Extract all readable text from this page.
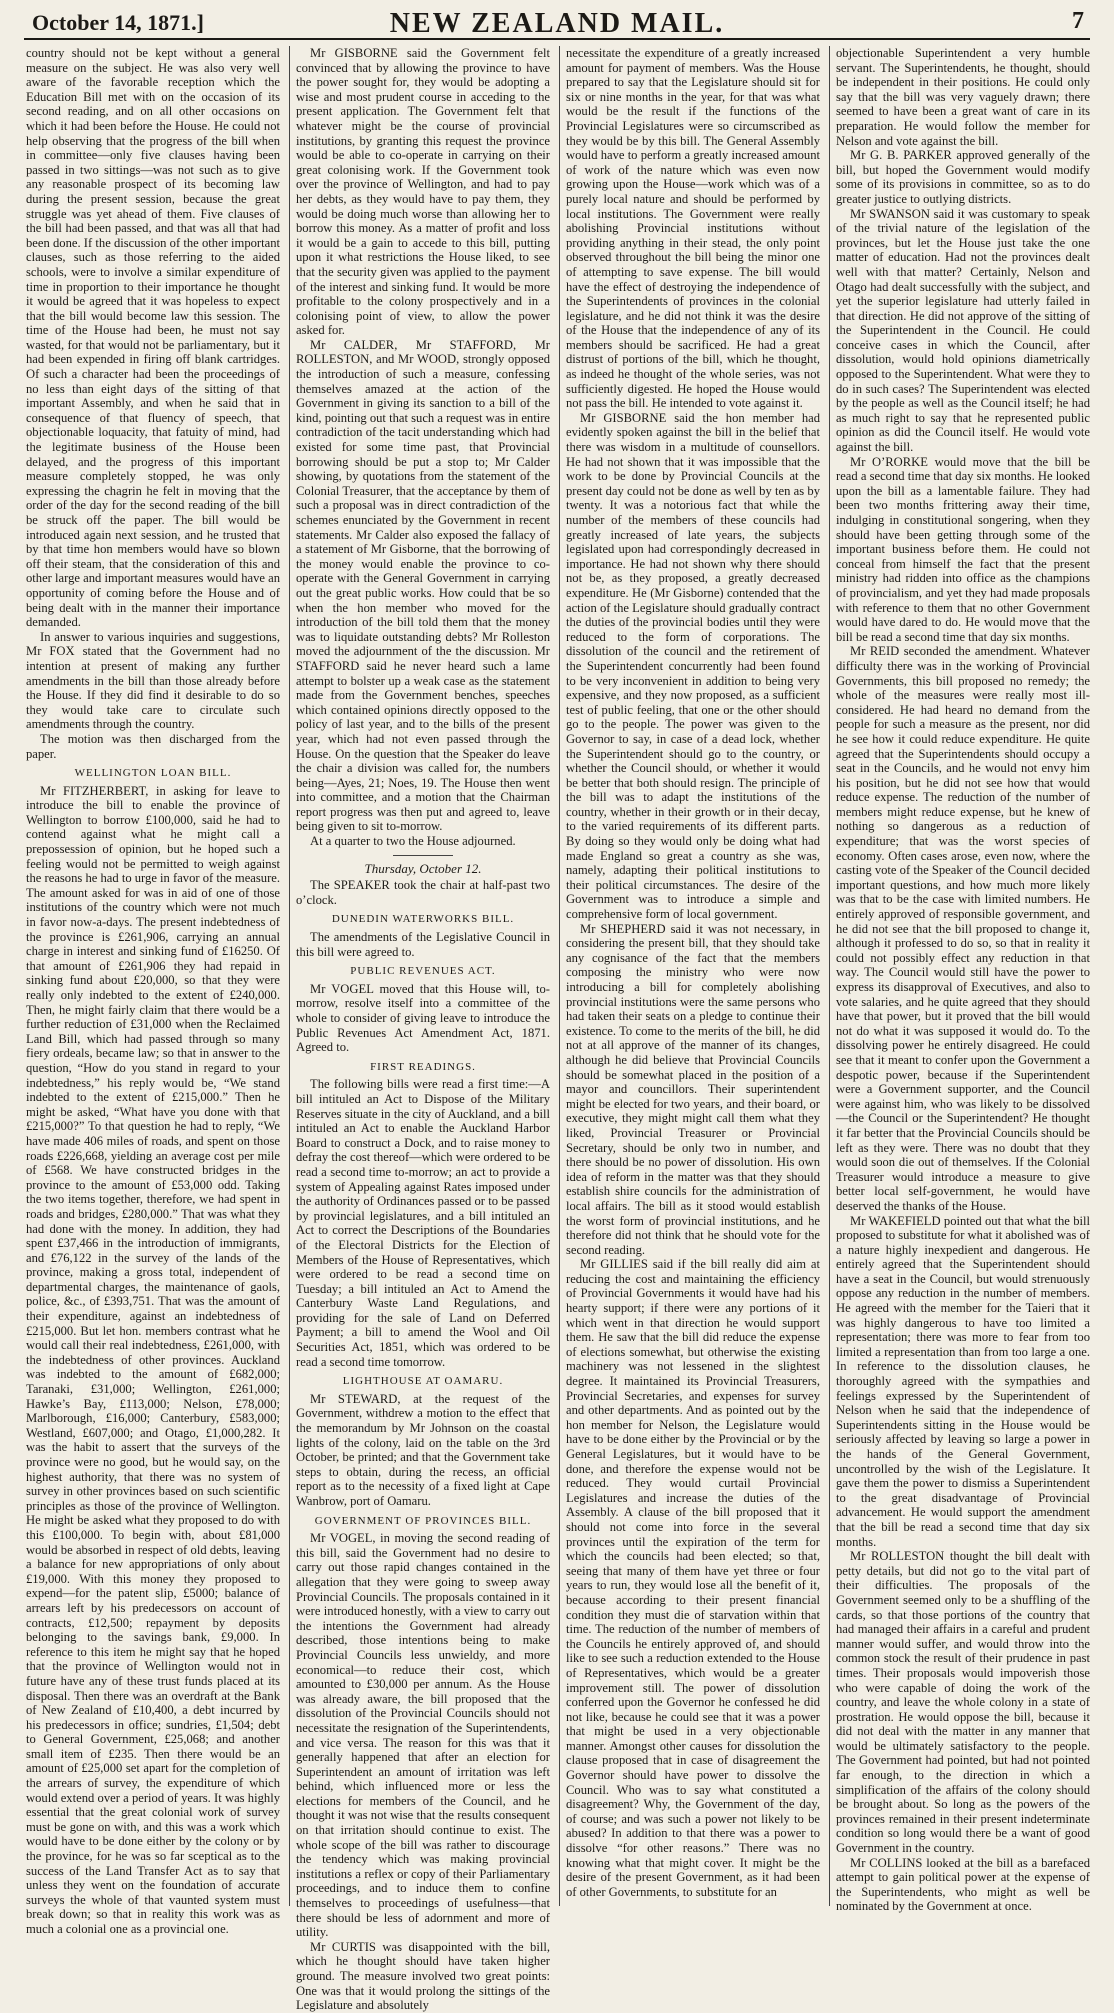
October 14, 1871.]	NEW ZEALAND MAIL.	7

country should not be kept without a general measure on the subject. He was also very well aware of the favorable reception which the Education Bill met with on the occasion of its second reading, and on all other occasions on which it had been before the House. He could not help observing that the progress of the bill when in committee—only five clauses having been passed in two sittings—was not such as to give any reasonable prospect of its becoming law during the present session, because the great struggle was yet ahead of them. Five clauses of the bill had been passed, and that was all that had been done. If the discussion of the other important clauses, such as those referring to the aided schools, were to involve a similar expenditure of time in proportion to their importance he thought it would be agreed that it was hopeless to expect that the bill would become law this session. The time of the House had been, he must not say wasted, for that would not be parliamentary, but it had been expended in firing off blank cartridges. Of such a character had been the proceedings of no less than eight days of the sitting of that important Assembly, and when he said that in consequence of that fluency of speech, that objectionable loquacity, that fatuity of mind, had the legitimate business of the House been delayed, and the progress of this important measure completely stopped, he was only expressing the chagrin he felt in moving that the order of the day for the second reading of the bill be struck off the paper. The bill would be introduced again next session, and he trusted that by that time hon members would have so blown off their steam, that the consideration of this and other large and important measures would have an opportunity of coming before the House and of being dealt with in the manner their importance demanded.

In answer to various inquiries and suggestions, Mr FOX stated that the Government had no intention at present of making any further amendments in the bill than those already before the House. If they did find it desirable to do so they would take care to circulate such amendments through the country.

The motion was then discharged from the paper.

WELLINGTON LOAN BILL.

Mr FITZHERBERT, in asking for leave to introduce the bill to enable the province of Wellington to borrow £100,000, said he had to contend against what he might call a prepossession of opinion, but he hoped such a feeling would not be permitted to weigh against the reasons he had to urge in favor of the measure. The amount asked for was in aid of one of those institutions of the country which were not much in favor now-a-days. The present indebtedness of the province is £261,906, carrying an annual charge in interest and sinking fund of £16250. Of that amount of £261,906 they had repaid in sinking fund about £20,000, so that they were really only indebted to the extent of £240,000. Then, he might fairly claim that there would be a further reduction of £31,000 when the Reclaimed Land Bill, which had passed through so many fiery ordeals, became law; so that in answer to the question, “How do you stand in regard to your indebtedness,” his reply would be, “We stand indebted to the extent of £215,000.” Then he might be asked, “What have you done with that £215,000?” To that question he had to reply, “We have made 406 miles of roads, and spent on those roads £226,668, yielding an average cost per mile of £568. We have constructed bridges in the province to the amount of £53,000 odd. Taking the two items together, therefore, we had spent in roads and bridges, £280,000.” That was what they had done with the money. In addition, they had spent £37,466 in the introduction of immigrants, and £76,122 in the survey of the lands of the province, making a gross total, independent of departmental charges, the maintenance of gaols, police, &c., of £393,751. That was the amount of their expenditure, against an indebtedness of £215,000. But let hon. members contrast what he would call their real indebtedness, £261,000, with the indebtedness of other provinces. Auckland was indebted to the amount of £682,000; Taranaki, £31,000; Wellington, £261,000; Hawke’s Bay, £113,000; Nelson, £78,000; Marlborough, £16,000; Canterbury, £583,000; Westland, £607,000; and Otago, £1,000,282. It was the habit to assert that the surveys of the province were no good, but he would say, on the highest authority, that there was no system of survey in other provinces based on such scientific principles as those of the province of Wellington. He might be asked what they proposed to do with this £100,000. To begin with, about £81,000 would be absorbed in respect of old debts, leaving a balance for new appropriations of only about £19,000. With this money they proposed to expend—for the patent slip, £5000; balance of arrears left by his predecessors on account of contracts, £12,500; repayment by deposits belonging to the savings bank, £9,000. In reference to this item he might say that he hoped that the province of Wellington would not in future have any of these trust funds placed at its disposal. Then there was an overdraft at the Bank of New Zealand of £10,400, a debt incurred by his predecessors in office; sundries, £1,504; debt to General Government, £25,068; and another small item of £235. Then there would be an amount of £25,000 set apart for the completion of the arrears of survey, the expenditure of which would extend over a period of years. It was highly essential that the great colonial work of survey must be gone on with, and this was a work which would have to be done either by the colony or by the province, for he was so far sceptical as to the success of the Land Transfer Act as to say that unless they went on the foundation of accurate surveys the whole of that vaunted system must break down; so that in reality this work was as much a colonial one as a provincial one.

Mr GISBORNE said the Government felt convinced that by allowing the province to have the power sought for, they would be adopting a wise and most prudent course in acceding to the present application. The Government felt that whatever might be the course of provincial institutions, by granting this request the province would be able to co-operate in carrying on their great colonising work. If the Government took over the province of Wellington, and had to pay her debts, as they would have to pay them, they would be doing much worse than allowing her to borrow this money. As a matter of profit and loss it would be a gain to accede to this bill, putting upon it what restrictions the House liked, to see that the security given was applied to the payment of the interest and sinking fund. It would be more profitable to the colony prospectively and in a colonising point of view, to allow the power asked for.

Mr CALDER, Mr STAFFORD, Mr ROLLESTON, and Mr WOOD, strongly opposed the introduction of such a measure, confessing themselves amazed at the action of the Government in giving its sanction to a bill of the kind, pointing out that such a request was in entire contradiction of the tacit understanding which had existed for some time past, that Provincial borrowing should be put a stop to; Mr Calder showing, by quotations from the statement of the Colonial Treasurer, that the acceptance by them of such a proposal was in direct contradiction of the schemes enunciated by the Government in recent statements. Mr Calder also exposed the fallacy of a statement of Mr Gisborne, that the borrowing of the money would enable the province to co-operate with the General Government in carrying out the great public works. How could that be so when the hon member who moved for the introduction of the bill told them that the money was to liquidate outstanding debts? Mr Rolleston moved the adjournment of the the discussion. Mr STAFFORD said he never heard such a lame attempt to bolster up a weak case as the statement made from the Government benches, speeches which contained opinions directly opposed to the policy of last year, and to the bills of the present year, which had not even passed through the House. On the question that the Speaker do leave the chair a division was called for, the numbers being—Ayes, 21; Noes, 19. The House then went into committee, and a motion that the Chairman report progress was then put and agreed to, leave being given to sit to-morrow.

At a quarter to two the House adjourned.

Thursday, October 12.

The SPEAKER took the chair at half-past two o’clock.

DUNEDIN WATERWORKS BILL.

The amendments of the Legislative Council in this bill were agreed to.

PUBLIC REVENUES ACT.

Mr VOGEL moved that this House will, to-morrow, resolve itself into a committee of the whole to consider of giving leave to introduce the Public Revenues Act Amendment Act, 1871. Agreed to.

FIRST READINGS.

The following bills were read a first time:—A bill intituled an Act to Dispose of the Military Reserves situate in the city of Auckland, and a bill intituled an Act to enable the Auckland Harbor Board to construct a Dock, and to raise money to defray the cost thereof—which were ordered to be read a second time to-morrow; an act to provide a system of Appealing against Rates imposed under the authority of Ordinances passed or to be passed by provincial legislatures, and a bill intituled an Act to correct the Descriptions of the Boundaries of the Electoral Districts for the Election of Members of the House of Representatives, which were ordered to be read a second time on Tuesday; a bill intituled an Act to Amend the Canterbury Waste Land Regulations, and providing for the sale of Land on Deferred Payment; a bill to amend the Wool and Oil Securities Act, 1851, which was ordered to be read a second time tomorrow.

LIGHTHOUSE AT OAMARU.

Mr STEWARD, at the request of the Government, withdrew a motion to the effect that the memorandum by Mr Johnson on the coastal lights of the colony, laid on the table on the 3rd October, be printed; and that the Government take steps to obtain, during the recess, an official report as to the necessity of a fixed light at Cape Wanbrow, port of Oamaru.

GOVERNMENT OF PROVINCES BILL.

Mr VOGEL, in moving the second reading of this bill, said the Government had no desire to carry out those rapid changes contained in the allegation that they were going to sweep away Provincial Councils. The proposals contained in it were introduced honestly, with a view to carry out the intentions the Government had already described, those intentions being to make Provincial Councils less unwieldy, and more economical—to reduce their cost, which amounted to £30,000 per annum. As the House was already aware, the bill proposed that the dissolution of the Provincial Councils should not necessitate the resignation of the Superintendents, and vice versa. The reason for this was that it generally happened that after an election for Superintendent an amount of irritation was left behind, which influenced more or less the elections for members of the Council, and he thought it was not wise that the results consequent on that irritation should continue to exist. The whole scope of the bill was rather to discourage the tendency which was making provincial institutions a reflex or copy of their Parliamentary proceedings, and to induce them to confine themselves to proceedings of usefulness—that there should be less of adornment and more of utility.

Mr CURTIS was disappointed with the bill, which he thought should have taken higher ground. The measure involved two great points: One was that it would prolong the sittings of the Legislature and absolutely

necessitate the expenditure of a greatly increased amount for payment of members. Was the House prepared to say that the Legislature should sit for six or nine months in the year, for that was what would be the result if the functions of the Provincial Legislatures were so circumscribed as they would be by this bill. The General Assembly would have to perform a greatly increased amount of work of the nature which was even now growing upon the House—work which was of a purely local nature and should be performed by local institutions. The Government were really abolishing Provincial institutions without providing anything in their stead, the only point observed throughout the bill being the minor one of attempting to save expense. The bill would have the effect of destroying the independence of the Superintendents of provinces in the colonial legislature, and he did not think it was the desire of the House that the independence of any of its members should be sacrificed. He had a great distrust of portions of the bill, which he thought, as indeed he thought of the whole series, was not sufficiently digested. He hoped the House would not pass the bill. He intended to vote against it.

Mr GISBORNE said the hon member had evidently spoken against the bill in the belief that there was wisdom in a multitude of counsellors. He had not shown that it was impossible that the work to be done by Provincial Councils at the present day could not be done as well by ten as by twenty. It was a notorious fact that while the number of the members of these councils had greatly increased of late years, the subjects legislated upon had correspondingly decreased in importance. He had not shown why there should not be, as they proposed, a greatly decreased expenditure. He (Mr Gisborne) contended that the action of the Legislature should gradually contract the duties of the provincial bodies until they were reduced to the form of corporations. The dissolution of the council and the retirement of the Superintendent concurrently had been found to be very inconvenient in addition to being very expensive, and they now proposed, as a sufficient test of public feeling, that one or the other should go to the people. The power was given to the Governor to say, in case of a dead lock, whether the Superintendent should go to the country, or whether the Council should, or whether it would be better that both should resign. The principle of the bill was to adapt the institutions of the country, whether in their growth or in their decay, to the varied requirements of its different parts. By doing so they would only be doing what had made England so great a country as she was, namely, adapting their political institutions to their political circumstances. The desire of the Government was to introduce a simple and comprehensive form of local government.

Mr SHEPHERD said it was not necessary, in considering the present bill, that they should take any cognisance of the fact that the members composing the ministry who were now introducing a bill for completely abolishing provincial institutions were the same persons who had taken their seats on a pledge to continue their existence. To come to the merits of the bill, he did not at all approve of the manner of its changes, although he did believe that Provincial Councils should be somewhat placed in the position of a mayor and councillors. Their superintendent might be elected for two years, and their board, or executive, they might might call them what they liked, Provincial Treasurer or Provincial Secretary, should be only two in number, and there should be no power of dissolution. His own idea of reform in the matter was that they should establish shire councils for the administration of local affairs. The bill as it stood would establish the worst form of provincial institutions, and he therefore did not think that he should vote for the second reading.

Mr GILLIES said if the bill really did aim at reducing the cost and maintaining the efficiency of Provincial Governments it would have had his hearty support; if there were any portions of it which went in that direction he would support them. He saw that the bill did reduce the expense of elections somewhat, but otherwise the existing machinery was not lessened in the slightest degree. It maintained its Provincial Treasurers, Provincial Secretaries, and expenses for survey and other departments. And as pointed out by the hon member for Nelson, the Legislature would have to be done either by the Provincial or by the General Legislatures, but it would have to be done, and therefore the expense would not be reduced. They would curtail Provincial Legislatures and increase the duties of the Assembly. A clause of the bill proposed that it should not come into force in the several provinces until the expiration of the term for which the councils had been elected; so that, seeing that many of them have yet three or four years to run, they would lose all the benefit of it, because according to their present financial condition they must die of starvation within that time. The reduction of the number of members of the Councils he entirely approved of, and should like to see such a reduction extended to the House of Representatives, which would be a greater improvement still. The power of dissolution conferred upon the Governor he confessed he did not like, because he could see that it was a power that might be used in a very objectionable manner. Amongst other causes for dissolution the clause proposed that in case of disagreement the Governor should have power to dissolve the Council. Who was to say what constituted a disagreement? Why, the Government of the day, of course; and was such a power not likely to be abused? In addition to that there was a power to dissolve “for other reasons.” There was no knowing what that might cover. It might be the desire of the present Government, as it had been of other Governments, to substitute for an

objectionable Superintendent a very humble servant. The Superintendents, he thought, should be independent in their positions. He could only say that the bill was very vaguely drawn; there seemed to have been a great want of care in its preparation. He would follow the member for Nelson and vote against the bill.

Mr G. B. PARKER approved generally of the bill, but hoped the Government would modify some of its provisions in committee, so as to do greater justice to outlying districts.

Mr SWANSON said it was customary to speak of the trivial nature of the legislation of the provinces, but let the House just take the one matter of education. Had not the provinces dealt well with that matter? Certainly, Nelson and Otago had dealt successfully with the subject, and yet the superior legislature had utterly failed in that direction. He did not approve of the sitting of the Superintendent in the Council. He could conceive cases in which the Council, after dissolution, would hold opinions diametrically opposed to the Superintendent. What were they to do in such cases? The Superintendent was elected by the people as well as the Council itself; he had as much right to say that he represented public opinion as did the Council itself. He would vote against the bill.

Mr O’RORKE would move that the bill be read a second time that day six months. He looked upon the bill as a lamentable failure. They had been two months frittering away their time, indulging in constitutional songering, when they should have been getting through some of the important business before them. He could not conceal from himself the fact that the present ministry had ridden into office as the champions of provincialism, and yet they had made proposals with reference to them that no other Government would have dared to do. He would move that the bill be read a second time that day six months.

Mr REID seconded the amendment. Whatever difficulty there was in the working of Provincial Governments, this bill proposed no remedy; the whole of the measures were really most ill-considered. He had heard no demand from the people for such a measure as the present, nor did he see how it could reduce expenditure. He quite agreed that the Superintendents should occupy a seat in the Councils, and he would not envy him his position, but he did not see how that would reduce expense. The reduction of the number of members might reduce expense, but he knew of nothing so dangerous as a reduction of expenditure; that was the worst species of economy. Often cases arose, even now, where the casting vote of the Speaker of the Council decided important questions, and how much more likely was that to be the case with limited numbers. He entirely approved of responsible government, and he did not see that the bill proposed to change it, although it professed to do so, so that in reality it could not possibly effect any reduction in that way. The Council would still have the power to express its disapproval of Executives, and also to vote salaries, and he quite agreed that they should have that power, but it proved that the bill would not do what it was supposed it would do. To the dissolving power he entirely disagreed. He could see that it meant to confer upon the Government a despotic power, because if the Superintendent were a Government supporter, and the Council were against him, who was likely to be dissolved—the Council or the Superintendent? He thought it far better that the Provincial Councils should be left as they were. There was no doubt that they would soon die out of themselves. If the Colonial Treasurer would introduce a measure to give better local self-government, he would have deserved the thanks of the House.

Mr WAKEFIELD pointed out that what the bill proposed to substitute for what it abolished was of a nature highly inexpedient and dangerous. He entirely agreed that the Superintendent should have a seat in the Council, but would strenuously oppose any reduction in the number of members. He agreed with the member for the Taieri that it was highly dangerous to have too limited a representation; there was more to fear from too limited a representation than from too large a one. In reference to the dissolution clauses, he thoroughly agreed with the sympathies and feelings expressed by the Superintendent of Nelson when he said that the independence of Superintendents sitting in the House would be seriously affected by leaving so large a power in the hands of the General Government, uncontrolled by the wish of the Legislature. It gave them the power to dismiss a Superintendent to the great disadvantage of Provincial advancement. He would support the amendment that the bill be read a second time that day six months.

Mr ROLLESTON thought the bill dealt with petty details, but did not go to the vital part of their difficulties. The proposals of the Government seemed only to be a shuffling of the cards, so that those portions of the country that had managed their affairs in a careful and prudent manner would suffer, and would throw into the common stock the result of their prudence in past times. Their proposals would impoverish those who were capable of doing the work of the country, and leave the whole colony in a state of prostration. He would oppose the bill, because it did not deal with the matter in any manner that would be ultimately satisfactory to the people. The Government had pointed, but had not pointed far enough, to the direction in which a simplification of the affairs of the colony should be brought about. So long as the powers of the provinces remained in their present indeterminate condition so long would there be a want of good Government in the country.

Mr COLLINS looked at the bill as a barefaced attempt to gain political power at the expense of the Superintendents, who might as well be nominated by the Government at once.
